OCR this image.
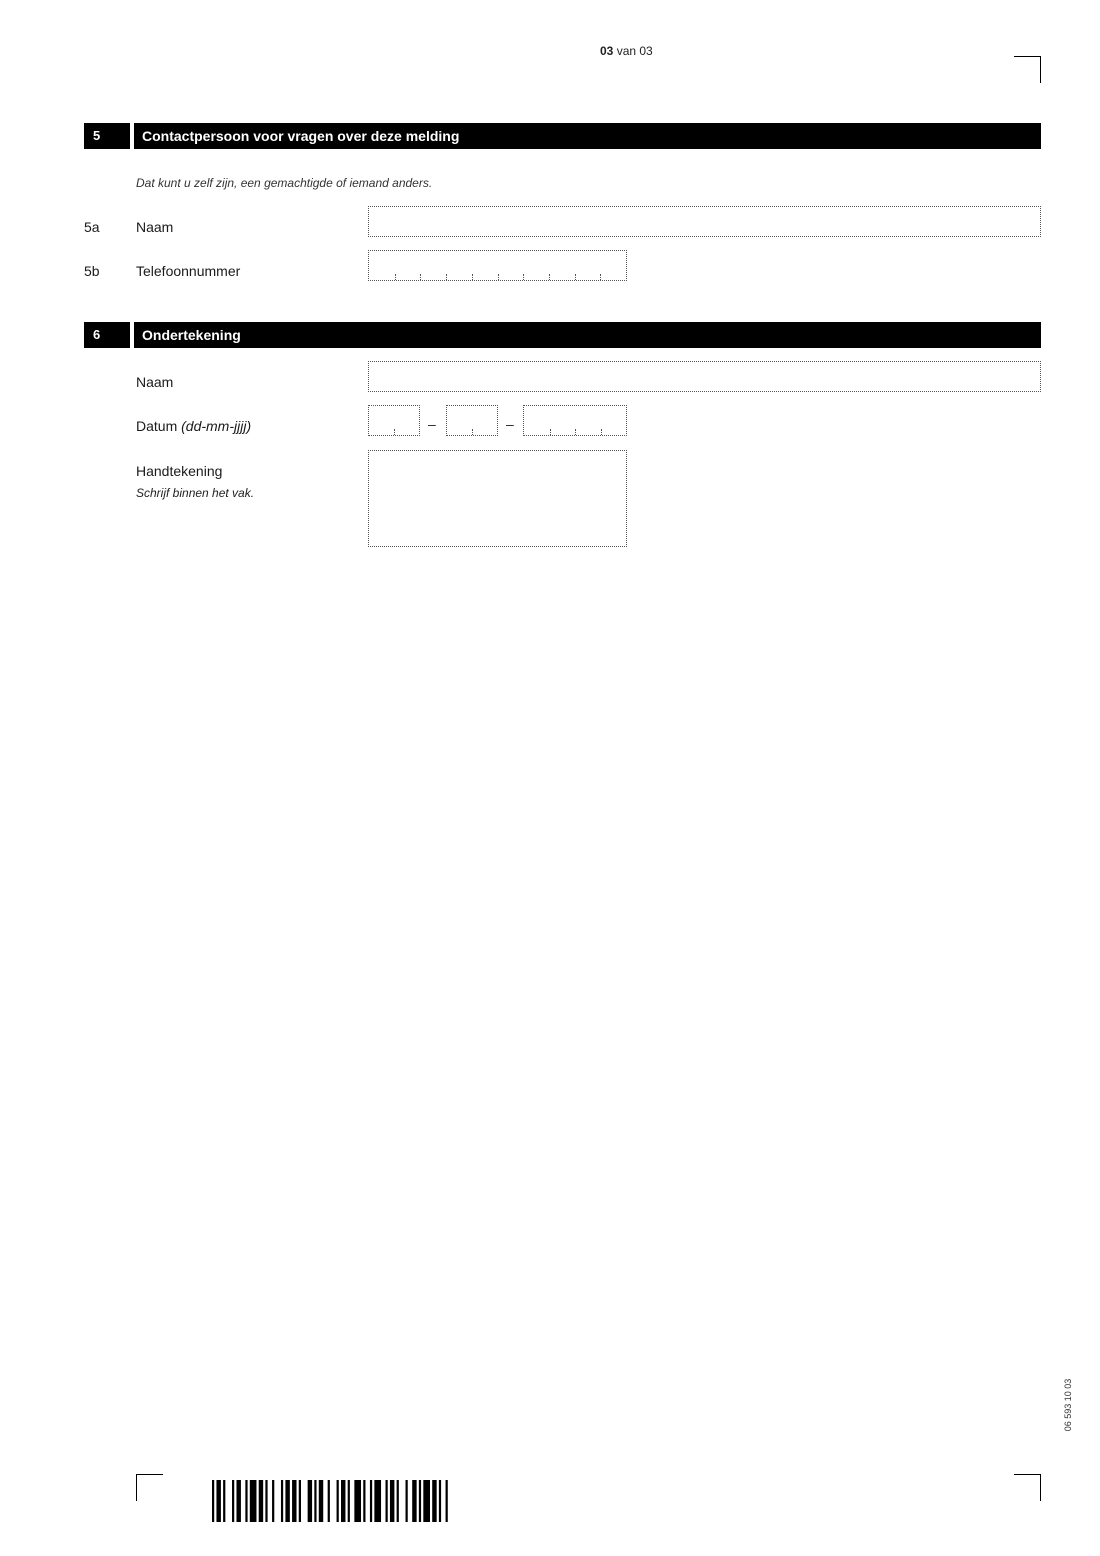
03 van 03
5	Contactpersoon voor vragen over deze melding
Dat kunt u zelf zijn, een gemachtigde of iemand anders.
5a	Naam
5b	Telefoonnummer
6	Ondertekening
Naam
Datum (dd-mm-jjjj)	–	–
Handtekening
Schrijf binnen het vak.
06 593 10 03
